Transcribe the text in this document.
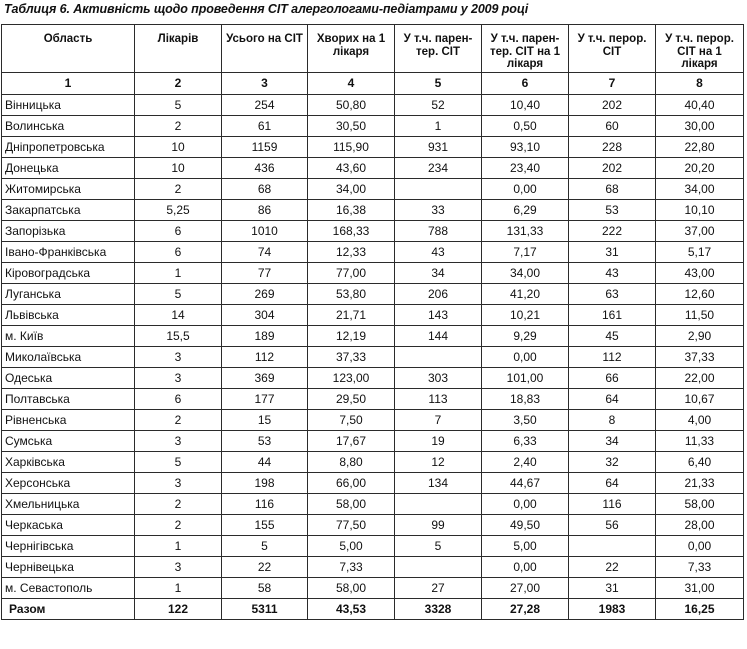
Таблиця 6. Активність щодо проведення СІТ алергологами-педіатрами у 2009 році
Область	Лікарів	Усього на СІТ	Хворих на 1 лікаря	У т.ч. парен-тер. СІТ	У т.ч. парен-тер. СІТ на 1 лікаря	У т.ч. перор. СІТ	У т.ч. перор. СІТ на 1 лікаря
1	2	3	4	5	6	7	8
Вінницька	5	254	50,80	52	10,40	202	40,40
Волинська	2	61	30,50	1	0,50	60	30,00
Дніпропетровська	10	1159	115,90	931	93,10	228	22,80
Донецька	10	436	43,60	234	23,40	202	20,20
Житомирська	2	68	34,00		0,00	68	34,00
Закарпатська	5,25	86	16,38	33	6,29	53	10,10
Запорізька	6	1010	168,33	788	131,33	222	37,00
Івано-Франківська	6	74	12,33	43	7,17	31	5,17
Кіровоградська	1	77	77,00	34	34,00	43	43,00
Луганська	5	269	53,80	206	41,20	63	12,60
Львівська	14	304	21,71	143	10,21	161	11,50
м. Київ	15,5	189	12,19	144	9,29	45	2,90
Миколаївська	3	112	37,33		0,00	112	37,33
Одеська	3	369	123,00	303	101,00	66	22,00
Полтавська	6	177	29,50	113	18,83	64	10,67
Рівненська	2	15	7,50	7	3,50	8	4,00
Сумська	3	53	17,67	19	6,33	34	11,33
Харківська	5	44	8,80	12	2,40	32	6,40
Херсонська	3	198	66,00	134	44,67	64	21,33
Хмельницька	2	116	58,00		0,00	116	58,00
Черкаська	2	155	77,50	99	49,50	56	28,00
Чернігівська	1	5	5,00	5	5,00		0,00
Чернівецька	3	22	7,33		0,00	22	7,33
м. Севастополь	1	58	58,00	27	27,00	31	31,00
Разом	122	5311	43,53	3328	27,28	1983	16,25
